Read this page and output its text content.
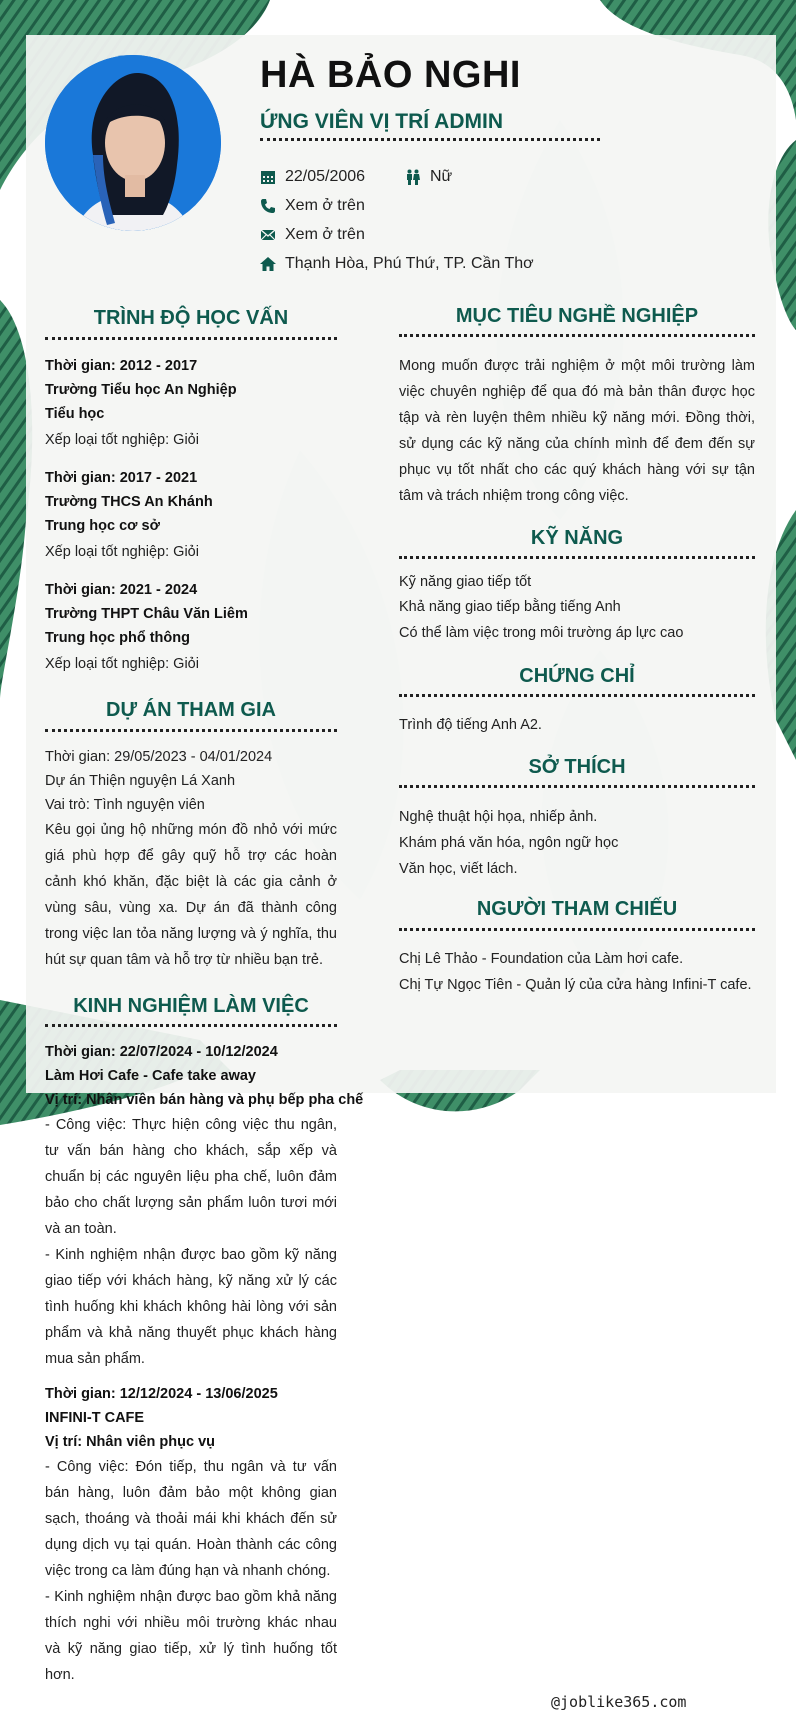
HÀ BẢO NGHI
ỨNG VIÊN VỊ TRÍ ADMIN
22/05/2006	Nữ
Xem ở trên
Xem ở trên
Thạnh Hòa, Phú Thứ, TP. Cần Thơ
TRÌNH ĐỘ HỌC VẤN

Thời gian: 2012 - 2017

Trường Tiểu học An Nghiệp

Tiểu học

Xếp loại tốt nghiệp: Giỏi

Thời gian: 2017 - 2021

Trường THCS An Khánh

Trung học cơ sở

Xếp loại tốt nghiệp: Giỏi

Thời gian: 2021 - 2024

Trường THPT Châu Văn Liêm

Trung học phổ thông

Xếp loại tốt nghiệp: Giỏi

DỰ ÁN THAM GIA

Thời gian: 29/05/2023 - 04/01/2024

Dự án Thiện nguyện Lá Xanh

Vai trò: Tình nguyện viên

Kêu gọi ủng hộ những món đồ nhỏ với mức giá phù hợp để gây quỹ hỗ trợ các hoàn cảnh khó khăn, đặc biệt là các gia cảnh ở vùng sâu, vùng xa. Dự án đã thành công trong việc lan tỏa năng lượng và ý nghĩa, thu hút sự quan tâm và hỗ trợ từ nhiều bạn trẻ.

KINH NGHIỆM LÀM VIỆC

Thời gian: 22/07/2024 - 10/12/2024

Làm Hơi Cafe - Cafe take away

Vị trí: Nhân viên bán hàng và phụ bếp pha chế

- Công việc: Thực hiện công việc thu ngân, tư vấn bán hàng cho khách, sắp xếp và chuẩn bị các nguyên liệu pha chế, luôn đảm bảo cho chất lượng sản phẩm luôn tươi mới và an toàn.

- Kinh nghiệm nhận được bao gồm kỹ năng giao tiếp với khách hàng, kỹ năng xử lý các tình huống khi khách không hài lòng với sản phẩm và khả năng thuyết phục khách hàng mua sản phẩm.

Thời gian: 12/12/2024 - 13/06/2025

INFINI-T CAFE

Vị trí: Nhân viên phục vụ

- Công việc: Đón tiếp, thu ngân và tư vấn bán hàng, luôn đảm bảo một không gian sạch, thoáng và thoải mái khi khách đến sử dụng dịch vụ tại quán. Hoàn thành các công việc trong ca làm đúng hạn và nhanh chóng.

- Kinh nghiệm nhận được bao gồm khả năng thích nghi với nhiều môi trường khác nhau và kỹ năng giao tiếp, xử lý tình huống tốt hơn.

MỤC TIÊU NGHỀ NGHIỆP

Mong muốn được trải nghiệm ở một môi trường làm việc chuyên nghiệp để qua đó mà bản thân được học tập và rèn luyện thêm nhiều kỹ năng mới. Đồng thời, sử dụng các kỹ năng của chính mình để đem đến sự phục vụ tốt nhất cho các quý khách hàng với sự tận tâm và trách nhiệm trong công việc.

KỸ NĂNG

Kỹ năng giao tiếp tốt

Khả năng giao tiếp bằng tiếng Anh

Có thể làm việc trong môi trường áp lực cao

CHỨNG CHỈ

Trình độ tiếng Anh A2.

SỞ THÍCH

Nghệ thuật hội họa, nhiếp ảnh.

Khám phá văn hóa, ngôn ngữ học

Văn học, viết lách.

NGƯỜI THAM CHIẾU

Chị Lê Thảo - Foundation của Làm hơi cafe.

Chị Tự Ngọc Tiên - Quản lý của cửa hàng Infini-T cafe.

@joblike365.com
